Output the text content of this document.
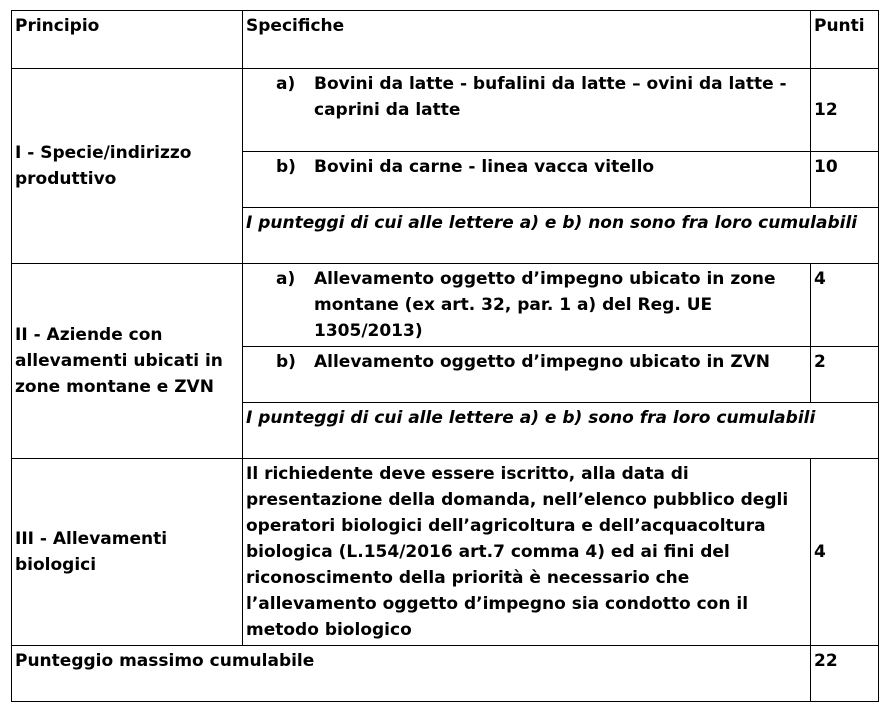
Principio	Specifiche	Punti
I - Specie/indirizzo produttivo	a) Bovini da latte - bufalini da latte – ovini da latte - caprini da latte	12

	b) Bovini da carne - linea vacca vitello	10
	I punteggi di cui alle lettere a) e b) non sono fra loro cumulabili	
II - Aziende con allevamenti ubicati in zone montane e ZVN	a) Allevamento oggetto d’impegno ubicato in zone montane (ex art. 32, par. 1 a) del Reg. UE 1305/2013)	4

	b) Allevamento oggetto d’impegno ubicato in ZVN	2
	I punteggi di cui alle lettere a) e b) sono fra loro cumulabili	
III - Allevamenti biologici	Il richiedente deve essere iscritto, alla data di presentazione della domanda, nell’elenco pubblico degli operatori biologici dell’agricoltura e dell’acquacoltura biologica (L.154/2016 art.7 comma 4) ed ai fini del riconoscimento della priorità è necessario che l’allevamento oggetto d’impegno sia condotto con il metodo biologico	4
Punteggio massimo cumulabile		22
